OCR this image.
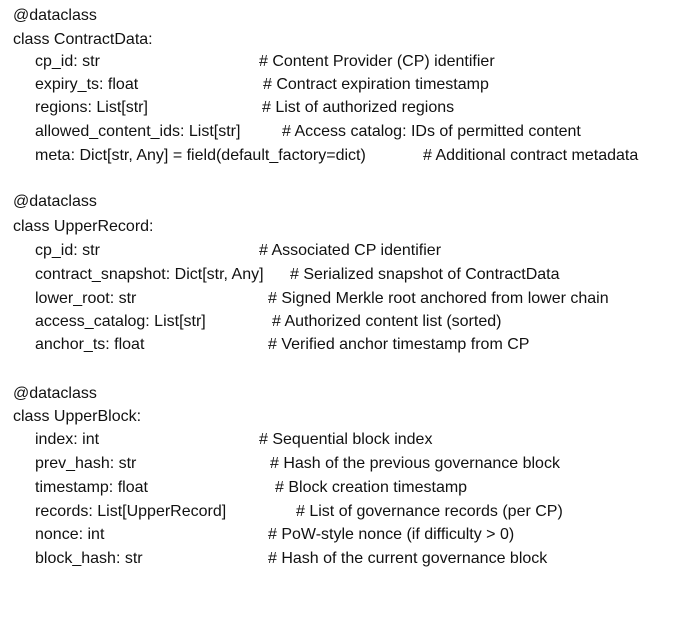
@dataclass

class ContractData:

cp_id: str

	# Content Provider (CP) identifier

expiry_ts: float

	# Contract expiration timestamp

regions: List[str]

	# List of authorized regions

allowed_content_ids: List[str]

	# Access catalog: IDs of permitted content

meta: Dict[str, Any] = field(default_factory=dict)

	# Additional contract metadata

@dataclass

class UpperRecord:

cp_id: str

	# Associated CP identifier

contract_snapshot: Dict[str, Any]

# Serialized snapshot of ContractData

lower_root: str

	# Signed Merkle root anchored from lower chain

access_catalog: List[str]

	# Authorized content list (sorted)

anchor_ts: float

	# Verified anchor timestamp from CP

@dataclass

class UpperBlock:

index: int

	# Sequential block index

prev_hash: str

	# Hash of the previous governance block

timestamp: float

	# Block creation timestamp

records: List[UpperRecord]

	# List of governance records (per CP)

nonce: int

	# PoW-style nonce (if difficulty > 0)

block_hash: str

	# Hash of the current governance block
